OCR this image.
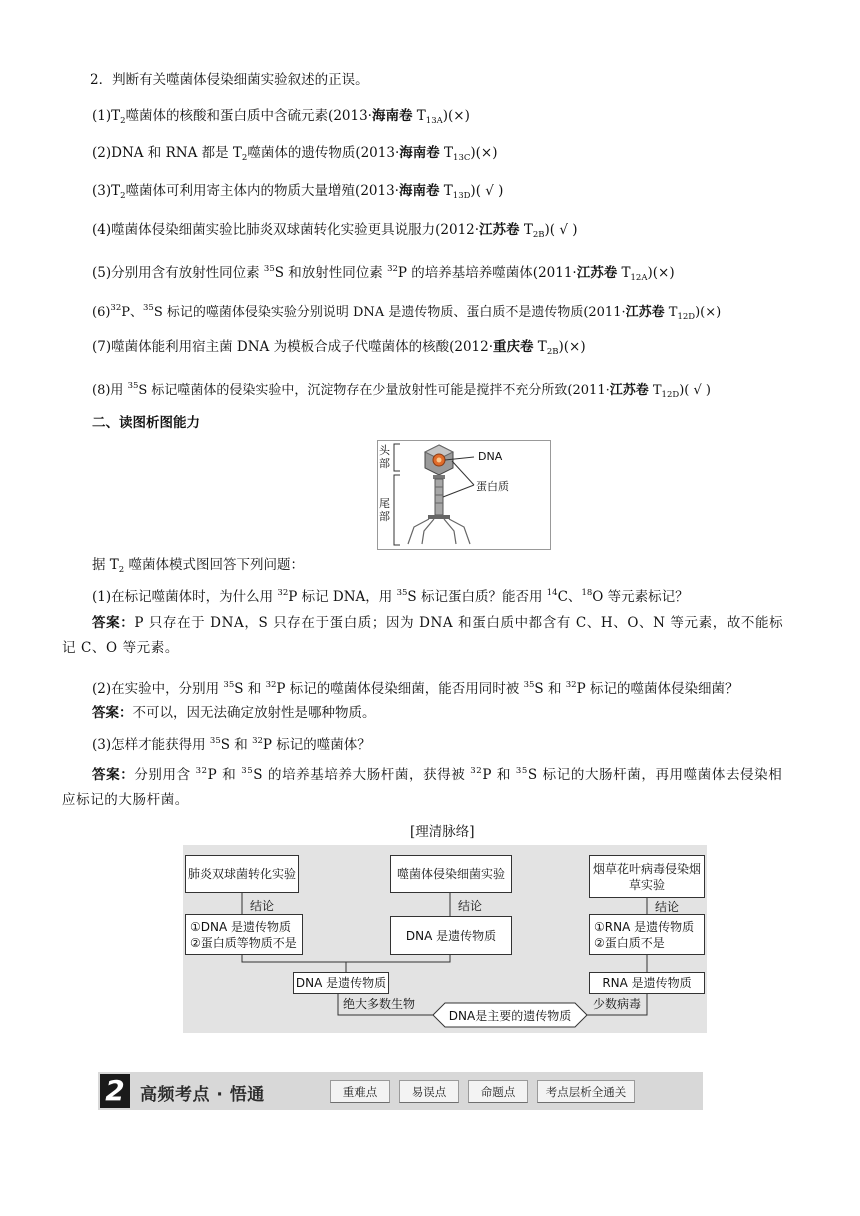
2．判断有关噬菌体侵染细菌实验叙述的正误。
$(1)T_2$噬菌体的核酸和蛋白质中含硫元素(2013·海南卷 $T_{13A})(\times)$
(2)DNA 和 RNA 都是 $T_2$噬菌体的遗传物质(2013·海南卷 $T_{13C})(\times)$
$(3)T_2$噬菌体可利用寄主体内的物质大量增殖(2013·海南卷 $T_{13D}$)( √ )
(4)噬菌体侵染细菌实验比肺炎双球菌转化实验更具说服力(2012·江苏卷 $T_{2B}$)( √ )
(5)分别用含有放射性同位素 $^{35}$S 和放射性同位素 $^{32}$P 的培养基培养噬菌体(2011·江苏卷 $T_{12A})(\times)$
$(6)^{32}P$、$^{35}$S 标记的噬菌体侵染实验分别说明 DNA 是遗传物质、蛋白质不是遗传物质(2011·江苏卷 $T_{12D})(\times)$
(7)噬菌体能利用宿主菌 DNA 为模板合成子代噬菌体的核酸(2012·重庆卷 $T_{2B})(\times)$
(8)用 $^{35}$S 标记噬菌体的侵染实验中，沉淀物存在少量放射性可能是搅拌不充分所致(2011·江苏卷 $T_{12D}$)( √ )
二、读图析图能力
头部
尾部
DNA
蛋白质
据 $T_2$ 噬菌体模式图回答下列问题：
(1)在标记噬菌体时，为什么用 $^{32}$P 标记 DNA，用 $^{35}$S 标记蛋白质？能否用 $^{14}$C、$^{18}$O 等元素标记？
答案：P 只存在于 DNA，S 只存在于蛋白质；因为 DNA 和蛋白质中都含有 C、H、O、N 等元素，故不能标记 C、O 等元素。
(2)在实验中，分别用 $^{35}$S 和 $^{32}$P 标记的噬菌体侵染细菌，能否用同时被 $^{35}$S 和 $^{32}$P 标记的噬菌体侵染细菌？
答案：不可以，因无法确定放射性是哪种物质。
(3)怎样才能获得用 $^{35}$S 和 $^{32}$P 标记的噬菌体？
答案：分别用含 $^{32}$P 和 $^{35}$S 的培养基培养大肠杆菌，获得被 $^{32}$P 和 $^{35}$S 标记的大肠杆菌，再用噬菌体去侵染相应标记的大肠杆菌。
[理清脉络]
肺炎双球菌转化实验	噬菌体侵染细菌实验	烟草花叶病毒侵染烟草实验
结论	结论	结论
①DNA 是遗传物质
②蛋白质等物质不是	DNA 是遗传物质
①RNA 是遗传物质
②蛋白质不是
DNA 是遗传物质	RNA 是遗传物质
绝大多数生物	少数病毒
DNA是主要的遗传物质
2 高频考点 · 悟通	重难点	易误点	命题点	考点层析全通关
